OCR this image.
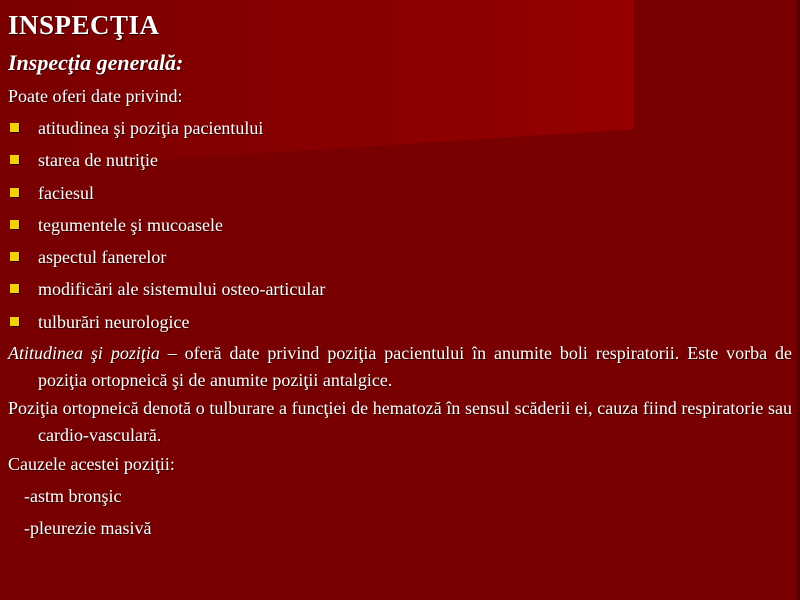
INSPECŢIA
Inspecţia generală:
Poate oferi date privind:
atitudinea şi poziţia pacientului
starea de nutriţie
faciesul
tegumentele şi mucoasele
aspectul fanerelor
modificări ale sistemului osteo-articular
tulburări neurologice
Atitudinea şi poziţia – oferă date privind poziţia pacientului în anumite boli respiratorii. Este vorba de poziţia ortopneică şi de anumite poziţii antalgice.
Poziţia ortopneică denotă o tulburare a funcţiei de hematoză în sensul scăderii ei, cauza fiind respiratorie sau cardio-vasculară.
Cauzele acestei poziţii:
-astm bronşic
-pleurezie masivă
